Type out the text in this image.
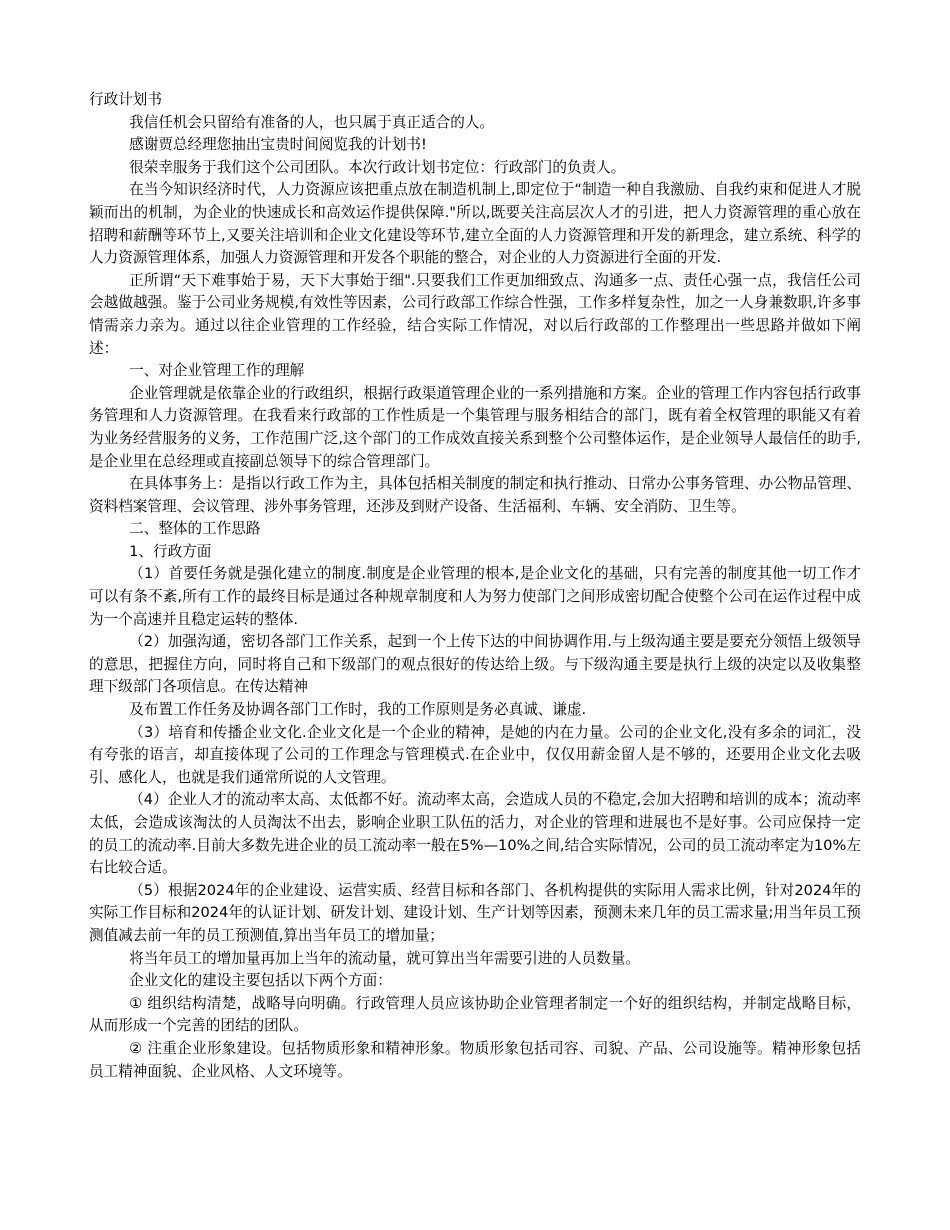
行政计划书

我信任机会只留给有准备的人，也只属于真正适合的人。

感谢贾总经理您抽出宝贵时间阅览我的计划书!

很荣幸服务于我们这个公司团队。本次行政计划书定位：行政部门的负责人。

在当今知识经济时代，人力资源应该把重点放在制造机制上,即定位于“制造一种自我激励、自我约束和促进人才脱颖而出的机制，为企业的快速成长和高效运作提供保障."所以,既要关注高层次人才的引进，把人力资源管理的重心放在招聘和薪酬等环节上,又要关注培训和企业文化建设等环节,建立全面的人力资源管理和开发的新理念，建立系统、科学的人力资源管理体系，加强人力资源管理和开发各个职能的整合，对企业的人力资源进行全面的开发.

正所谓“天下难事始于易，天下大事始于细".只要我们工作更加细致点、沟通多一点、责任心强一点，我信任公司会越做越强。鉴于公司业务规模,有效性等因素，公司行政部工作综合性强，工作多样复杂性，加之一人身兼数职,许多事情需亲力亲为。通过以往企业管理的工作经验，结合实际工作情况，对以后行政部的工作整理出一些思路并做如下阐述：

一、对企业管理工作的理解

企业管理就是依靠企业的行政组织，根据行政渠道管理企业的一系列措施和方案。企业的管理工作内容包括行政事务管理和人力资源管理。在我看来行政部的工作性质是一个集管理与服务相结合的部门，既有着全权管理的职能又有着为业务经营服务的义务，工作范围广泛,这个部门的工作成效直接关系到整个公司整体运作，是企业领导人最信任的助手,是企业里在总经理或直接副总领导下的综合管理部门。

在具体事务上：是指以行政工作为主，具体包括相关制度的制定和执行推动、日常办公事务管理、办公物品管理、资料档案管理、会议管理、涉外事务管理，还涉及到财产设备、生活福利、车辆、安全消防、卫生等。

二、整体的工作思路

1、行政方面

（1）首要任务就是强化建立的制度.制度是企业管理的根本,是企业文化的基础，只有完善的制度其他一切工作才可以有条不紊,所有工作的最终目标是通过各种规章制度和人为努力使部门之间形成密切配合使整个公司在运作过程中成为一个高速并且稳定运转的整体.

（2）加强沟通，密切各部门工作关系，起到一个上传下达的中间协调作用.与上级沟通主要是要充分领悟上级领导的意思，把握住方向，同时将自己和下级部门的观点很好的传达给上级。与下级沟通主要是执行上级的决定以及收集整理下级部门各项信息。在传达精神

及布置工作任务及协调各部门工作时，我的工作原则是务必真诚、谦虚.

（3）培育和传播企业文化.企业文化是一个企业的精神，是她的内在力量。公司的企业文化,没有多余的词汇，没有夸张的语言，却直接体现了公司的工作理念与管理模式.在企业中，仅仅用薪金留人是不够的，还要用企业文化去吸引、感化人，也就是我们通常所说的人文管理。

（4）企业人才的流动率太高、太低都不好。流动率太高，会造成人员的不稳定,会加大招聘和培训的成本；流动率太低，会造成该淘汰的人员淘汰不出去，影响企业职工队伍的活力，对企业的管理和进展也不是好事。公司应保持一定的员工的流动率.目前大多数先进企业的员工流动率一般在5%—10%之间,结合实际情况，公司的员工流动率定为10%左右比较合适。

（5）根据2024年的企业建设、运营实质、经营目标和各部门、各机构提供的实际用人需求比例，针对2024年的实际工作目标和2024年的认证计划、研发计划、建设计划、生产计划等因素，预测未来几年的员工需求量;用当年员工预测值减去前一年的员工预测值,算出当年员工的增加量；

将当年员工的增加量再加上当年的流动量，就可算出当年需要引进的人员数量。

企业文化的建设主要包括以下两个方面：

① 组织结构清楚，战略导向明确。行政管理人员应该协助企业管理者制定一个好的组织结构，并制定战略目标，从而形成一个完善的团结的团队。

② 注重企业形象建设。包括物质形象和精神形象。物质形象包括司容、司貌、产品、公司设施等。精神形象包括员工精神面貌、企业风格、人文环境等。
